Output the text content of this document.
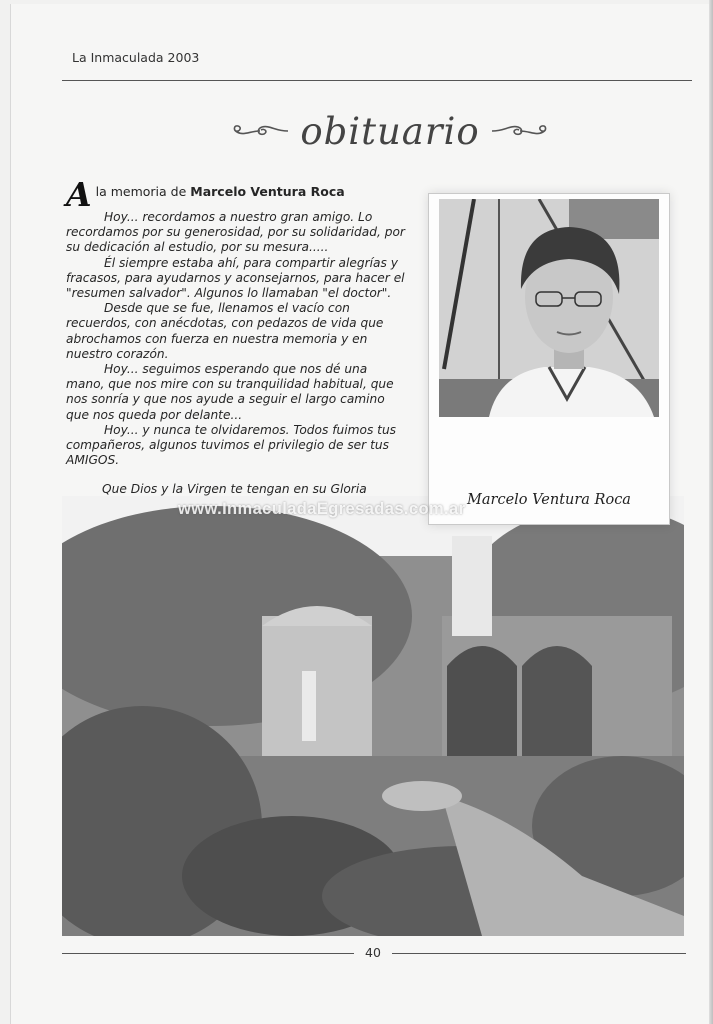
La Inmaculada 2003
obituario
A la memoria de Marcelo Ventura Roca

Hoy... recordamos a nuestro gran amigo. Lo recordamos por su generosidad, por su solidaridad, por su dedicación al estudio, por su mesura.....

Él siempre estaba ahí, para compartir alegrías y fracasos, para ayudarnos y aconsejarnos, para hacer el "resumen salvador". Algunos lo llamaban "el doctor".

Desde que se fue, llenamos el vacío con recuerdos, con anécdotas, con pedazos de vida que abrochamos con fuerza en nuestra memoria y en nuestro corazón.

Hoy... seguimos esperando que nos dé una mano, que nos mire con su tranquilidad habitual, que nos sonría y que nos ayude a seguir el largo camino que nos queda por delante...

Hoy... y nunca te olvidaremos. Todos fuimos tus compañeros, algunos tuvimos el privilegio de ser tus AMIGOS.

Que Dios y la Virgen te tengan en su Gloria

Marcelo Ventura Roca
www.InmaculadaEgresadas.com.ar
40
